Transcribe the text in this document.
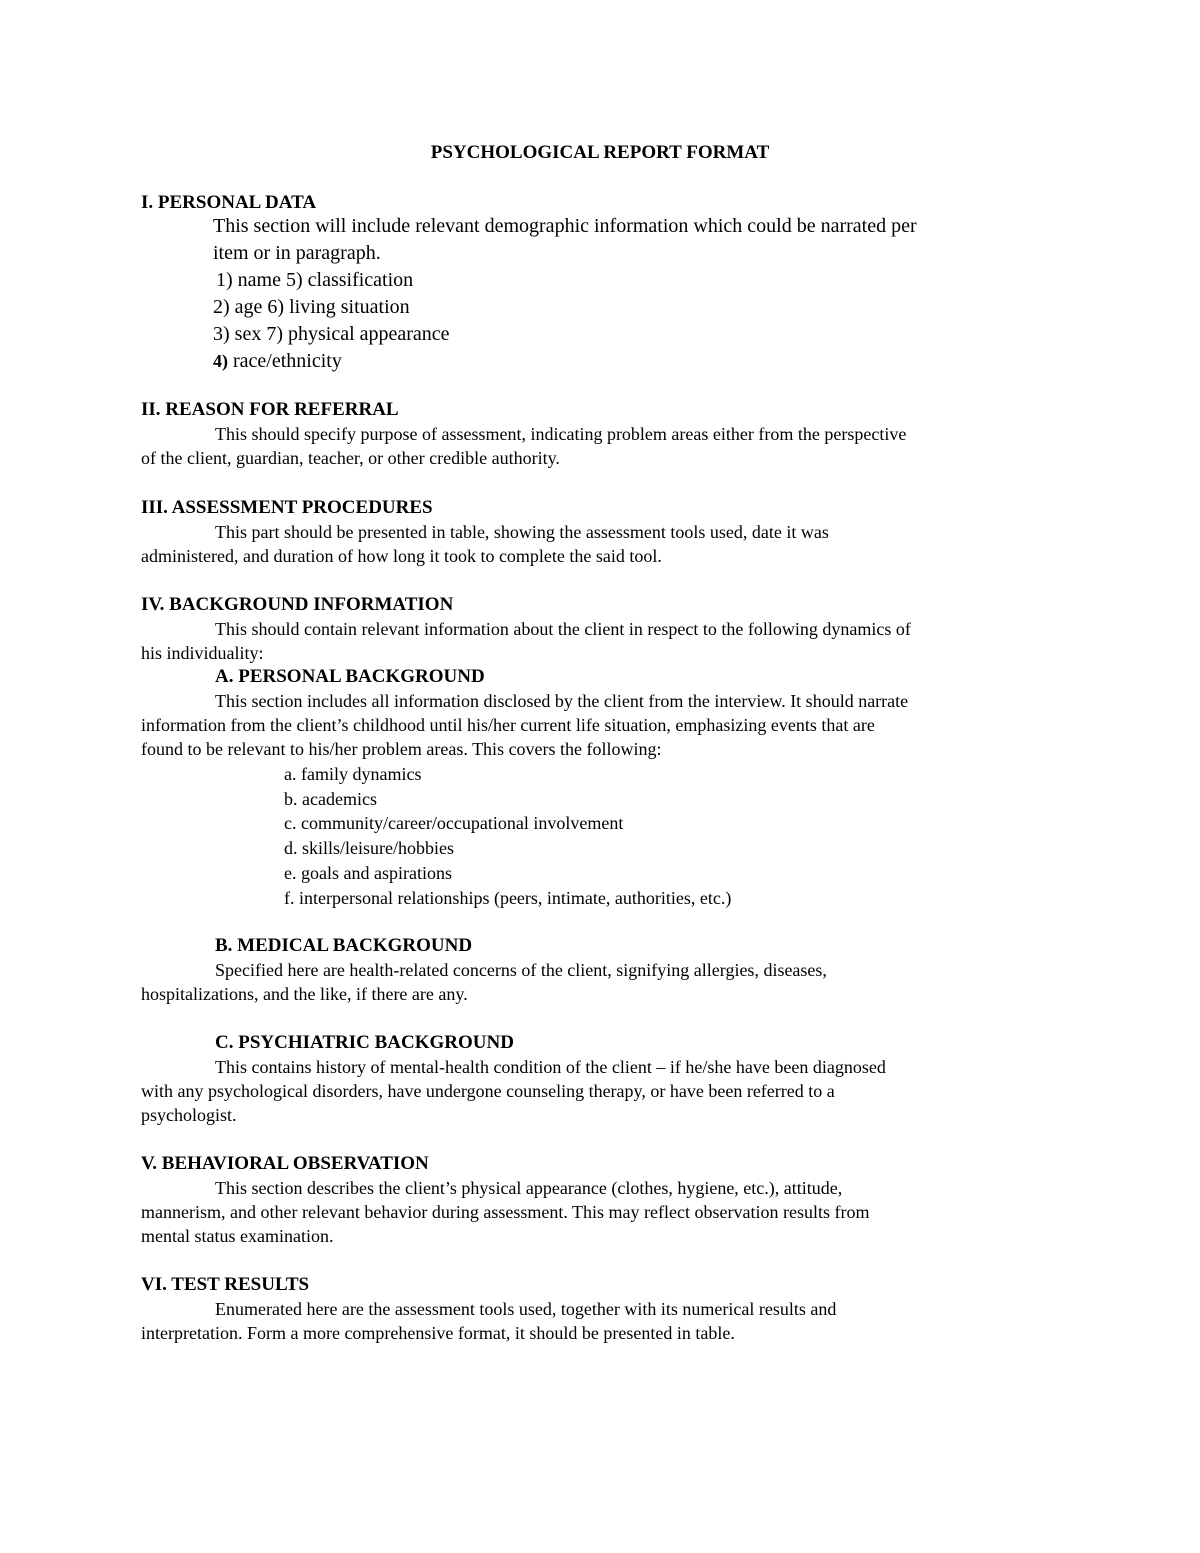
PSYCHOLOGICAL REPORT FORMAT
I. PERSONAL DATA
This section will include relevant demographic information which could be narrated per
item or in paragraph.
1) name 5) classification
2) age 6) living situation
3) sex 7) physical appearance
4) race/ethnicity
II. REASON FOR REFERRAL
This should specify purpose of assessment, indicating problem areas either from the perspective
of the client, guardian, teacher, or other credible authority.
III. ASSESSMENT PROCEDURES
This part should be presented in table, showing the assessment tools used, date it was
administered, and duration of how long it took to complete the said tool.
IV. BACKGROUND INFORMATION
This should contain relevant information about the client in respect to the following dynamics of
his individuality:
A. PERSONAL BACKGROUND
This section includes all information disclosed by the client from the interview. It should narrate
information from the client’s childhood until his/her current life situation, emphasizing events that are
found to be relevant to his/her problem areas. This covers the following:
a. family dynamics
b. academics
c. community/career/occupational involvement
d. skills/leisure/hobbies
e. goals and aspirations
f. interpersonal relationships (peers, intimate, authorities, etc.)
B. MEDICAL BACKGROUND
Specified here are health-related concerns of the client, signifying allergies, diseases,
hospitalizations, and the like, if there are any.
C. PSYCHIATRIC BACKGROUND
This contains history of mental-health condition of the client – if he/she have been diagnosed
with any psychological disorders, have undergone counseling therapy, or have been referred to a
psychologist.
V. BEHAVIORAL OBSERVATION
This section describes the client’s physical appearance (clothes, hygiene, etc.), attitude,
mannerism, and other relevant behavior during assessment. This may reflect observation results from
mental status examination.
VI. TEST RESULTS
Enumerated here are the assessment tools used, together with its numerical results and
interpretation. Form a more comprehensive format, it should be presented in table.
